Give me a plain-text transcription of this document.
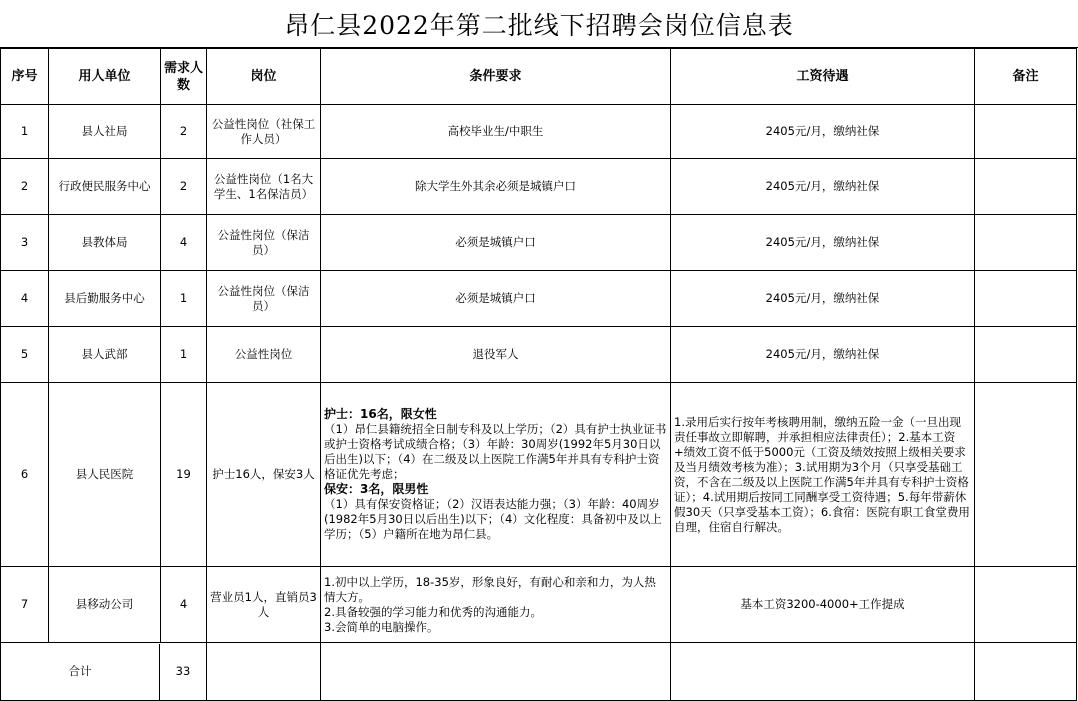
昂仁县2022年第二批线下招聘会岗位信息表
序号	用人单位	需求人数	岗位	条件要求	工资待遇	备注
1	县人社局	2	公益性岗位（社保工作人员）	高校毕业生/中职生	2405元/月，缴纳社保	
2	行政便民服务中心	2	公益性岗位（1名大学生、1名保洁员）	除大学生外其余必须是城镇户口	2405元/月，缴纳社保	
3	县教体局	4	公益性岗位（保洁员）	必须是城镇户口	2405元/月，缴纳社保	
4	县后勤服务中心	1	公益性岗位（保洁员）	必须是城镇户口	2405元/月，缴纳社保	
5	县人武部	1	公益性岗位	退役军人	2405元/月，缴纳社保	
6	县人民医院	19	护士16人，保安3人	护士：16名，限女性

（1）昂仁县籍统招全日制专科及以上学历；（2）具有护士执业证书或护士资格考试成绩合格；（3）年龄：30周岁(1992年5月30日以后出生)以下；（4）在二级及以上医院工作满5年并具有专科护士资格证优先考虑；

保安：3名，限男性

（1）具有保安资格证；（2）汉语表达能力强；（3）年龄：40周岁(1982年5月30日以后出生)以下；（4）文化程度：具备初中及以上学历；（5）户籍所在地为昂仁县。	1.录用后实行按年考核聘用制，缴纳五险一金（一旦出现责任事故立即解聘，并承担相应法律责任）；2.基本工资+绩效工资不低于5000元（工资及绩效按照上级相关要求及当月绩效考核为准）；3.试用期为3个月（只享受基础工资，不含在二级及以上医院工作满5年并具有专科护士资格证）；4.试用期后按同工同酬享受工资待遇；5.每年带薪休假30天（只享受基本工资）；6.食宿：医院有职工食堂费用自理，住宿自行解决。	
7	县移动公司	4	营业员1人，直销员3人	1.初中以上学历，18-35岁，形象良好，有耐心和亲和力，为人热情大方。

2.具备较强的学习能力和优秀的沟通能力。

3.会简单的电脑操作。	基本工资3200-4000+工作提成	

合计 33						
